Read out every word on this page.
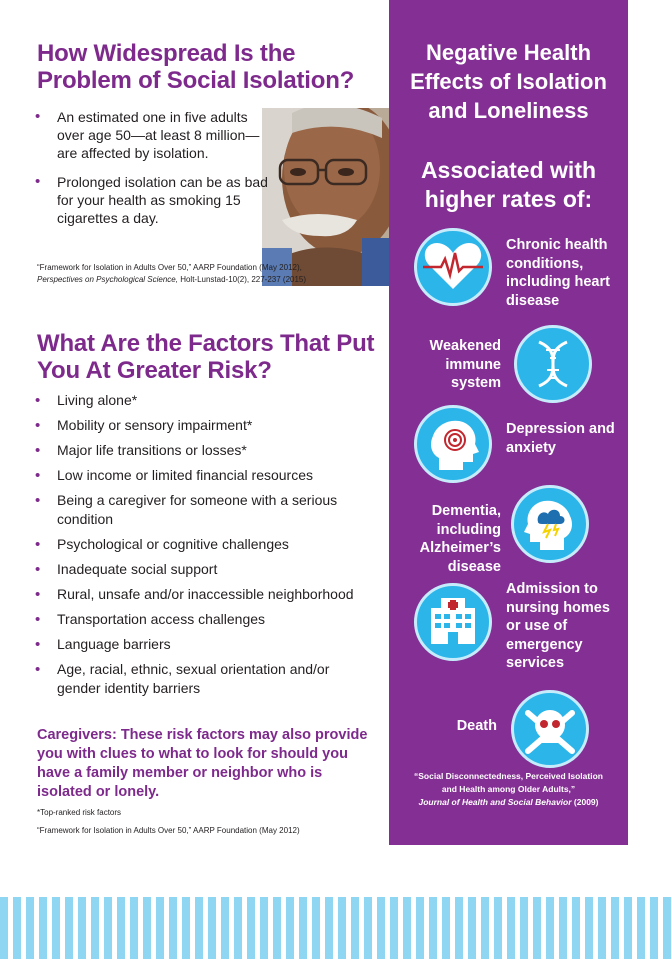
How Widespread Is the Problem of Social Isolation?
• An estimated one in five adults over age 50—at least 8 million—are affected by isolation.
• Prolonged isolation can be as bad for your health as smoking 15 cigarettes a day.
“Framework for Isolation in Adults Over 50,” AARP Foundation (May 2012),
Perspectives on Psychological Science, Holt-Lunstad-10(2), 227-237 (2015)
What Are the Factors That Put You At Greater Risk?
• Living alone*
• Mobility or sensory impairment*
• Major life transitions or losses*
• Low income or limited financial resources
• Being a caregiver for someone with a serious condition
• Psychological or cognitive challenges
• Inadequate social support
• Rural, unsafe and/or inaccessible neighborhood
• Transportation access challenges
• Language barriers
• Age, racial, ethnic, sexual orientation and/or gender identity barriers

Caregivers: These risk factors may also provide you with clues to what to look for should you have a family member or neighbor who is isolated or lonely.

*Top-ranked risk factors
“Framework for Isolation in Adults Over 50,” AARP Foundation (May 2012)
Negative Health Effects of Isolation and Loneliness
Associated with higher rates of:
Chronic health conditions, including heart disease
Weakened immune system
Depression and anxiety
Dementia, including Alzheimer’s disease
Admission to nursing homes or use of emergency services
Death
“Social Disconnectedness, Perceived Isolation and Health among Older Adults,”
Journal of Health and Social Behavior (2009)
